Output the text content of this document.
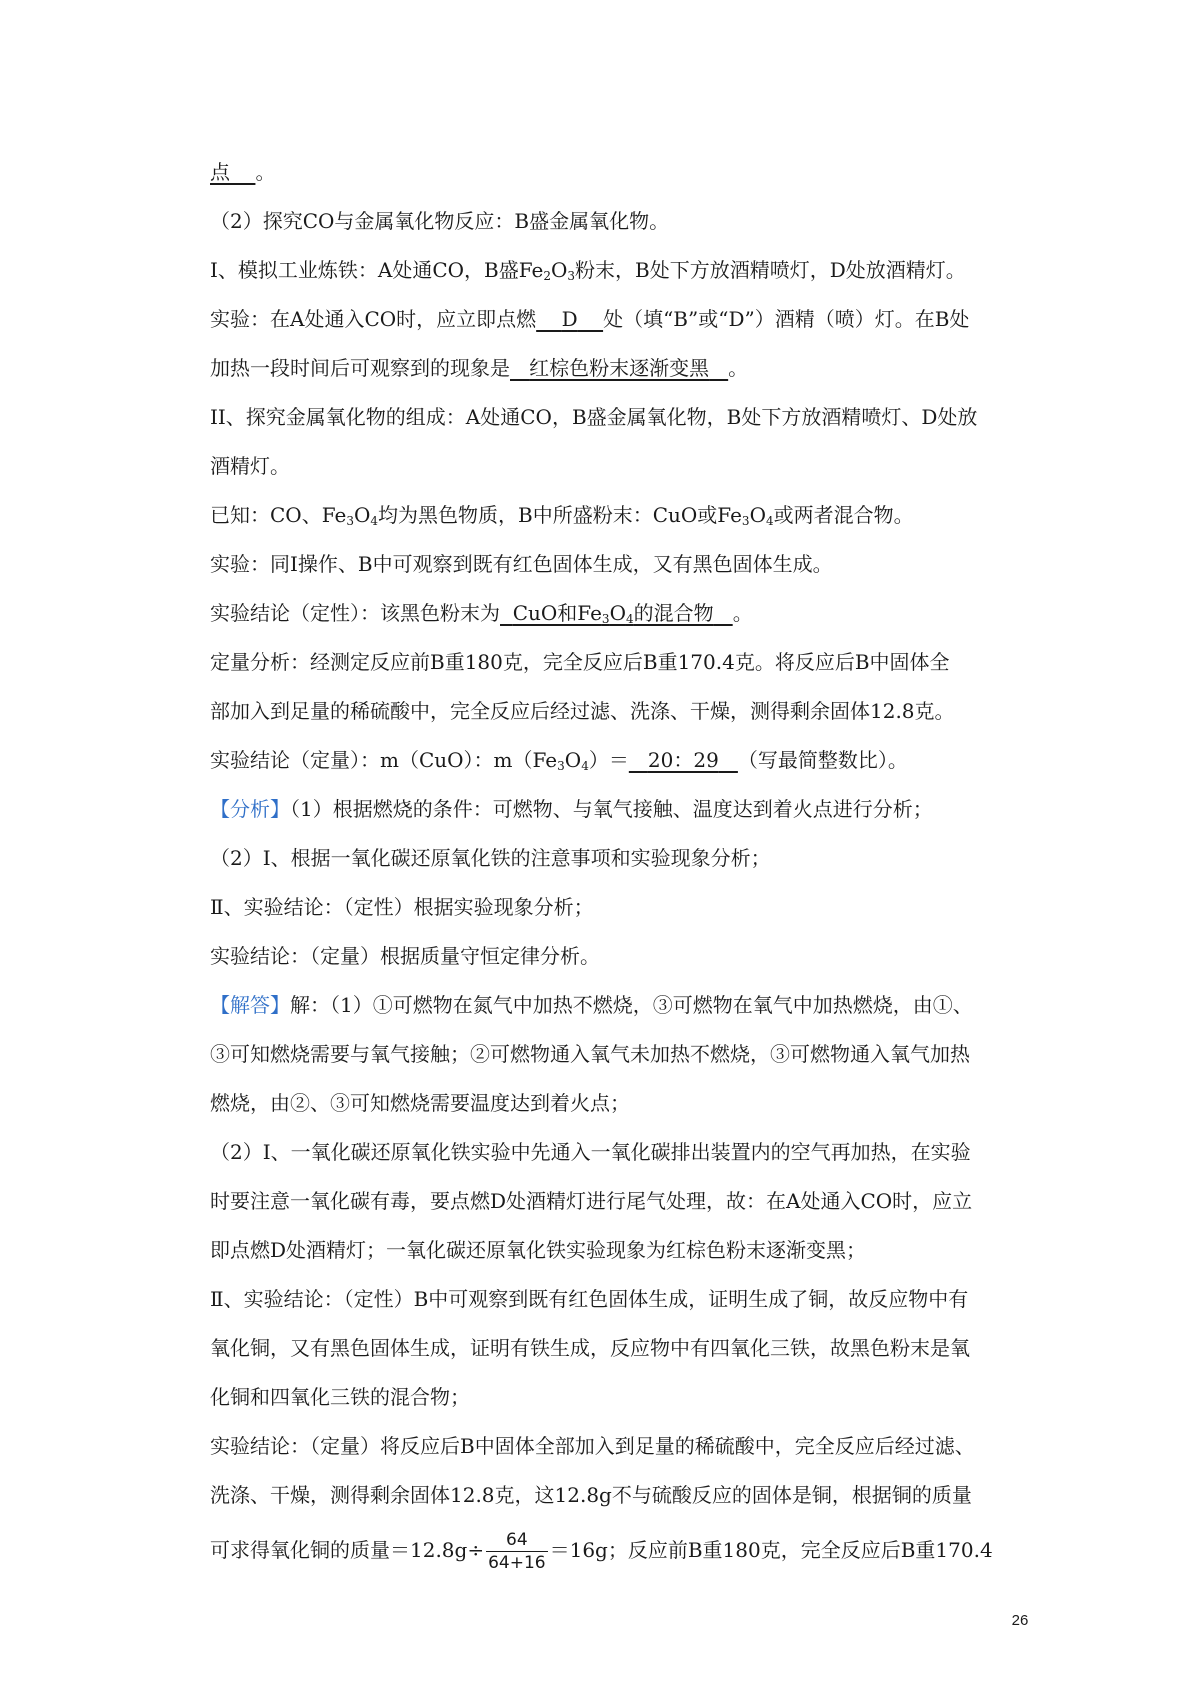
点 。
（2）探究CO与金属氧化物反应：B盛金属氧化物。
I、模拟工业炼铁：A处通CO，B盛$Fe_2O_3$粉末，B处下方放酒精喷灯，D处放酒精灯。
实验：在A处通入CO时，应立即点燃 D 处（填“B”或“D”）酒精（喷）灯。在B处
加热一段时间后可观察到的现象是 红棕色粉末逐渐变黑 。
II、探究金属氧化物的组成：A处通CO，B盛金属氧化物，B处下方放酒精喷灯、D处放
酒精灯。
已知：CO、$Fe_3O_4$均为黑色物质，B中所盛粉末：CuO或$Fe_3O_4$或两者混合物。
实验：同I操作、B中可观察到既有红色固体生成，又有黑色固体生成。
实验结论（定性）：该黑色粉末为 CuO和$Fe_3O_4$的混合物 。
定量分析：经测定反应前B重180克，完全反应后B重170.4克。将反应后B中固体全
部加入到足量的稀硫酸中，完全反应后经过滤、洗涤、干燥，测得剩余固体12.8克。
实验结论（定量）：m（CuO）：$m(Fe_3O_4)= 20$：29 （写最简整数比）。
【分析】（1）根据燃烧的条件：可燃物、与氧气接触、温度达到着火点进行分析；
（2）Ⅰ、根据一氧化碳还原氧化铁的注意事项和实验现象分析；
Ⅱ、实验结论：（定性）根据实验现象分析；
实验结论：（定量）根据质量守恒定律分析。
【解答】解：（1）①可燃物在氮气中加热不燃烧，③可燃物在氧气中加热燃烧，由①、
③可知燃烧需要与氧气接触；②可燃物通入氧气未加热不燃烧，③可燃物通入氧气加热
燃烧，由②、③可知燃烧需要温度达到着火点；
（2）Ⅰ、一氧化碳还原氧化铁实验中先通入一氧化碳排出装置内的空气再加热，在实验
时要注意一氧化碳有毒，要点燃D处酒精灯进行尾气处理，故：在A处通入CO时，应立
即点燃D处酒精灯；一氧化碳还原氧化铁实验现象为红棕色粉末逐渐变黑；
Ⅱ、实验结论：（定性）B中可观察到既有红色固体生成，证明生成了铜，故反应物中有
氧化铜，又有黑色固体生成，证明有铁生成，反应物中有四氧化三铁，故黑色粉末是氧
化铜和四氧化三铁的混合物；
实验结论：（定量）将反应后B中固体全部加入到足量的稀硫酸中，完全反应后经过滤、
洗涤、干燥，测得剩余固体12.8克，这12.8g不与硫酸反应的固体是铜，根据铜的质量
可求得氧化铜的质量$=12.8g\div \frac{64}{64+16} =16g$；反应前B重180克，完全反应后B重170.4
26
